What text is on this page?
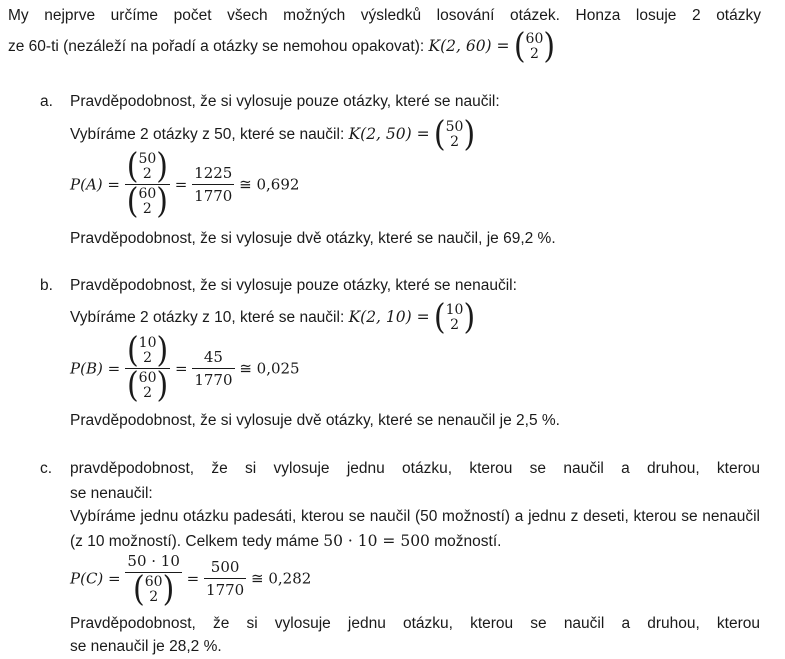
My nejprve určíme počet všech možných výsledků losování otázek. Honza losuje 2 otázky
ze 60-ti (nezáleží na pořadí a otázky se nemohou opakovat): K(2, 60) = (60
2 )
a. Pravděpodobnost, že si vylosuje pouze otázky, které se naučil:
Vybíráme 2 otázky z 50, které se naučil: K(2, 50) = (50
2 )
P(A) = (50
2 )
(60
2 ) = $\frac{1225}{1770}$ ≅ 0,692
Pravděpodobnost, že si vylosuje dvě otázky, které se naučil, je 69,2 %.
b. Pravděpodobnost, že si vylosuje pouze otázky, které se nenaučil:
Vybíráme 2 otázky z 10, které se naučil: K(2, 10) = (10
2 )
P(B) = (10
2 )
(60
2 ) = $\frac{45}{1770}$ ≅ 0,025
Pravděpodobnost, že si vylosuje dvě otázky, které se nenaučil je 2,5 %.
c. pravděpodobnost, že si vylosuje jednu otázku, kterou se naučil a druhou, kterou
se nenaučil:
Vybíráme jednu otázku padesáti, kterou se naučil (50 možností) a jednu z deseti, kterou se nenaučil
(z 10 možností). Celkem tedy máme 50 · 10 = 500 možností.
P(C) =
50 · 10
(60
2 ) = $\frac{500}{1770}$ ≅ 0,282
Pravděpodobnost, že si vylosuje jednu otázku, kterou se naučil a druhou, kterou
se nenaučil je 28,2 %.
